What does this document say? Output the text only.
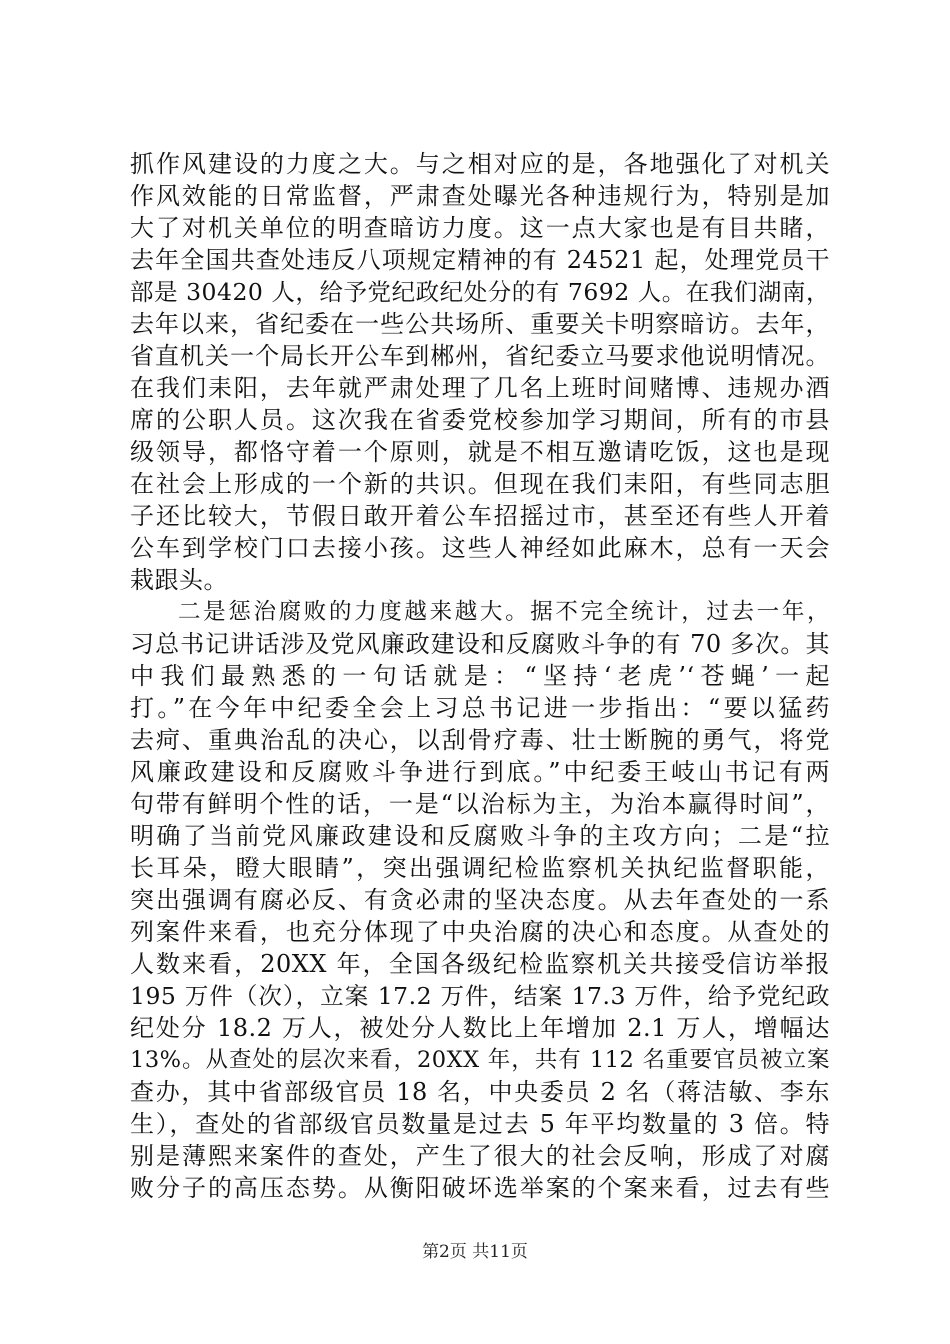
抓作风建设的力度之大。与之相对应的是，各地强化了对机关
作风效能的日常监督，严肃查处曝光各种违规行为，特别是加
大了对机关单位的明查暗访力度。这一点大家也是有目共睹，
去年全国共查处违反八项规定精神的有 24521 起，处理党员干
部是 30420 人，给予党纪政纪处分的有 7692 人。在我们湖南，
去年以来，省纪委在一些公共场所、重要关卡明察暗访。去年，
省直机关一个局长开公车到郴州，省纪委立马要求他说明情况。
在我们耒阳，去年就严肃处理了几名上班时间赌博、违规办酒
席的公职人员。这次我在省委党校参加学习期间，所有的市县
级领导，都恪守着一个原则，就是不相互邀请吃饭，这也是现
在社会上形成的一个新的共识。但现在我们耒阳，有些同志胆
子还比较大，节假日敢开着公车招摇过市，甚至还有些人开着
公车到学校门口去接小孩。这些人神经如此麻木，总有一天会
栽跟头。
二是惩治腐败的力度越来越大。据不完全统计，过去一年，
习总书记讲话涉及党风廉政建设和反腐败斗争的有 70 多次。其
中我们最熟悉的一句话就是：“坚持‘老虎’‘苍蝇’一起
打。”在今年中纪委全会上习总书记进一步指出：“要以猛药
去疴、重典治乱的决心，以刮骨疗毒、壮士断腕的勇气，将党
风廉政建设和反腐败斗争进行到底。”中纪委王岐山书记有两
句带有鲜明个性的话，一是“以治标为主，为治本赢得时间”，
明确了当前党风廉政建设和反腐败斗争的主攻方向；二是“拉
长耳朵，瞪大眼睛”，突出强调纪检监察机关执纪监督职能，
突出强调有腐必反、有贪必肃的坚决态度。从去年查处的一系
列案件来看，也充分体现了中央治腐的决心和态度。从查处的
人数来看，20XX 年，全国各级纪检监察机关共接受信访举报
195 万件（次），立案 17.2 万件，结案 17.3 万件，给予党纪政
纪处分 18.2 万人，被处分人数比上年增加 2.1 万人，增幅达
13%。从查处的层次来看，20XX 年，共有 112 名重要官员被立案
查办，其中省部级官员 18 名，中央委员 2 名（蒋洁敏、李东
生），查处的省部级官员数量是过去 5 年平均数量的 3 倍。特
别是薄熙来案件的查处，产生了很大的社会反响，形成了对腐
败分子的高压态势。从衡阳破坏选举案的个案来看，过去有些
第2页 共11页
